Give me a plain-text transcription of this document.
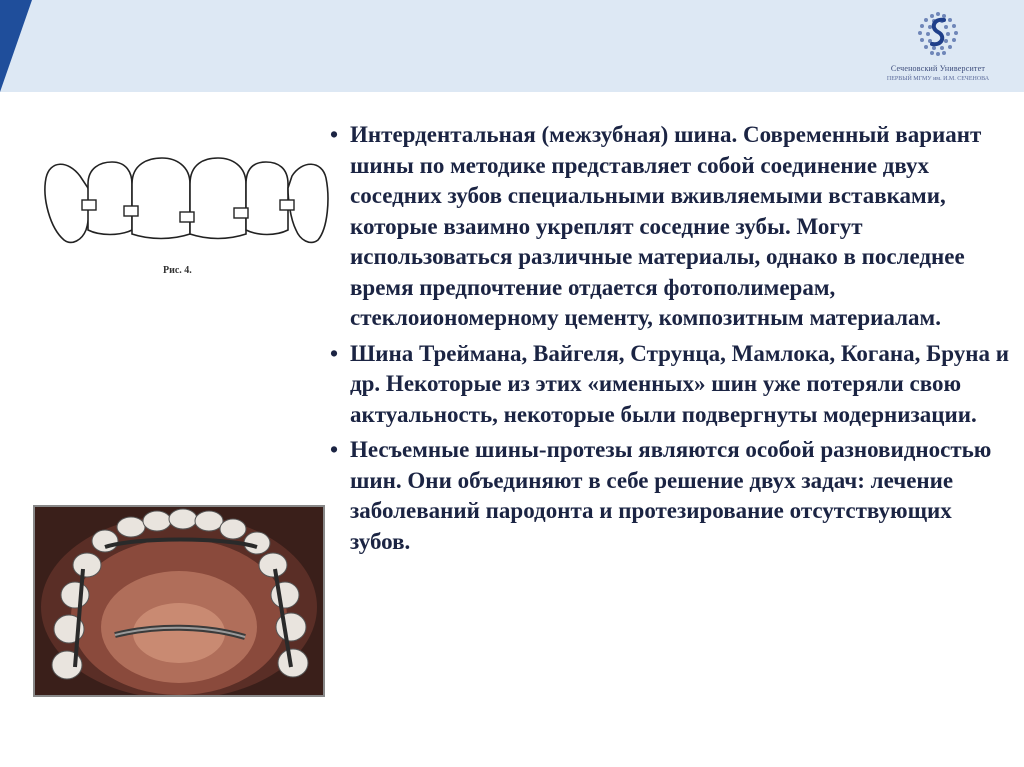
Сеченовский Университет
ПЕРВЫЙ МГМУ им. И.М. СЕЧЕНОВА
Рис. 4.
• Интердентальная (межзубная) шина. Современный вариант шины по методике представляет собой соединение двух соседних зубов специальными вживляемыми вставками, которые взаимно укреплят соседние зубы. Могут использоваться различные материалы, однако в последнее время предпочтение отдается фотополимерам, стеклоиономерному цементу, композитным материалам.
• Шина Треймана, Вайгеля, Струнца, Мамлока, Когана, Бруна и др. Некоторые из этих «именных» шин уже потеряли свою актуальность, некоторые были подвергнуты модернизации.
• Несъемные шины-протезы являются особой разновидностью шин. Они объединяют в себе решение двух задач: лечение заболеваний пародонта и протезирование отсутствующих зубов.
